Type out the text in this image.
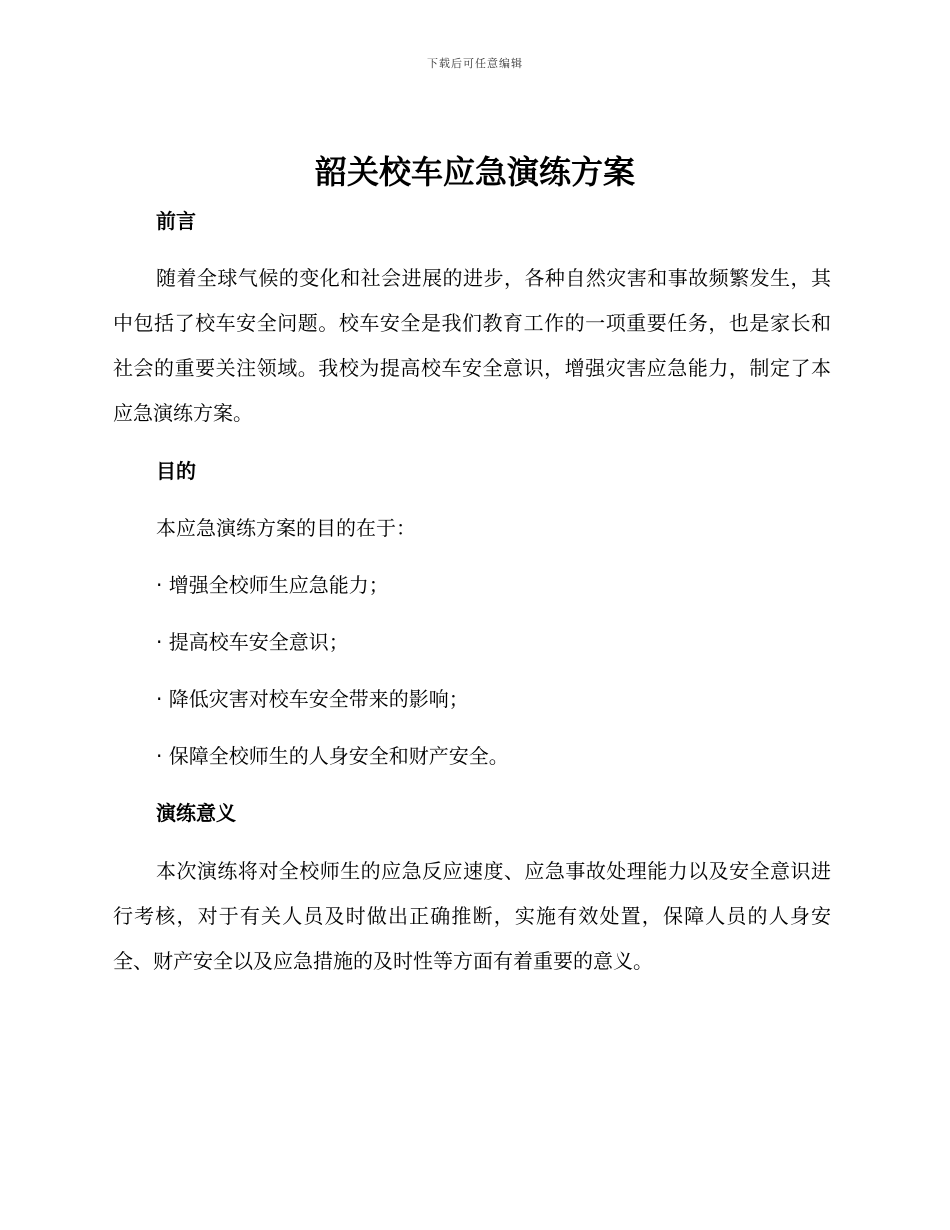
下载后可任意编辑
韶关校车应急演练方案
前言

随着全球气候的变化和社会进展的进步，各种自然灾害和事故频繁发生，其中包括了校车安全问题。校车安全是我们教育工作的一项重要任务，也是家长和社会的重要关注领域。我校为提高校车安全意识，增强灾害应急能力，制定了本应急演练方案。

目的

本应急演练方案的目的在于：

· 增强全校师生应急能力；
· 提高校车安全意识；
· 降低灾害对校车安全带来的影响；
· 保障全校师生的人身安全和财产安全。
演练意义

本次演练将对全校师生的应急反应速度、应急事故处理能力以及安全意识进行考核，对于有关人员及时做出正确推断，实施有效处置，保障人员的人身安全、财产安全以及应急措施的及时性等方面有着重要的意义。
